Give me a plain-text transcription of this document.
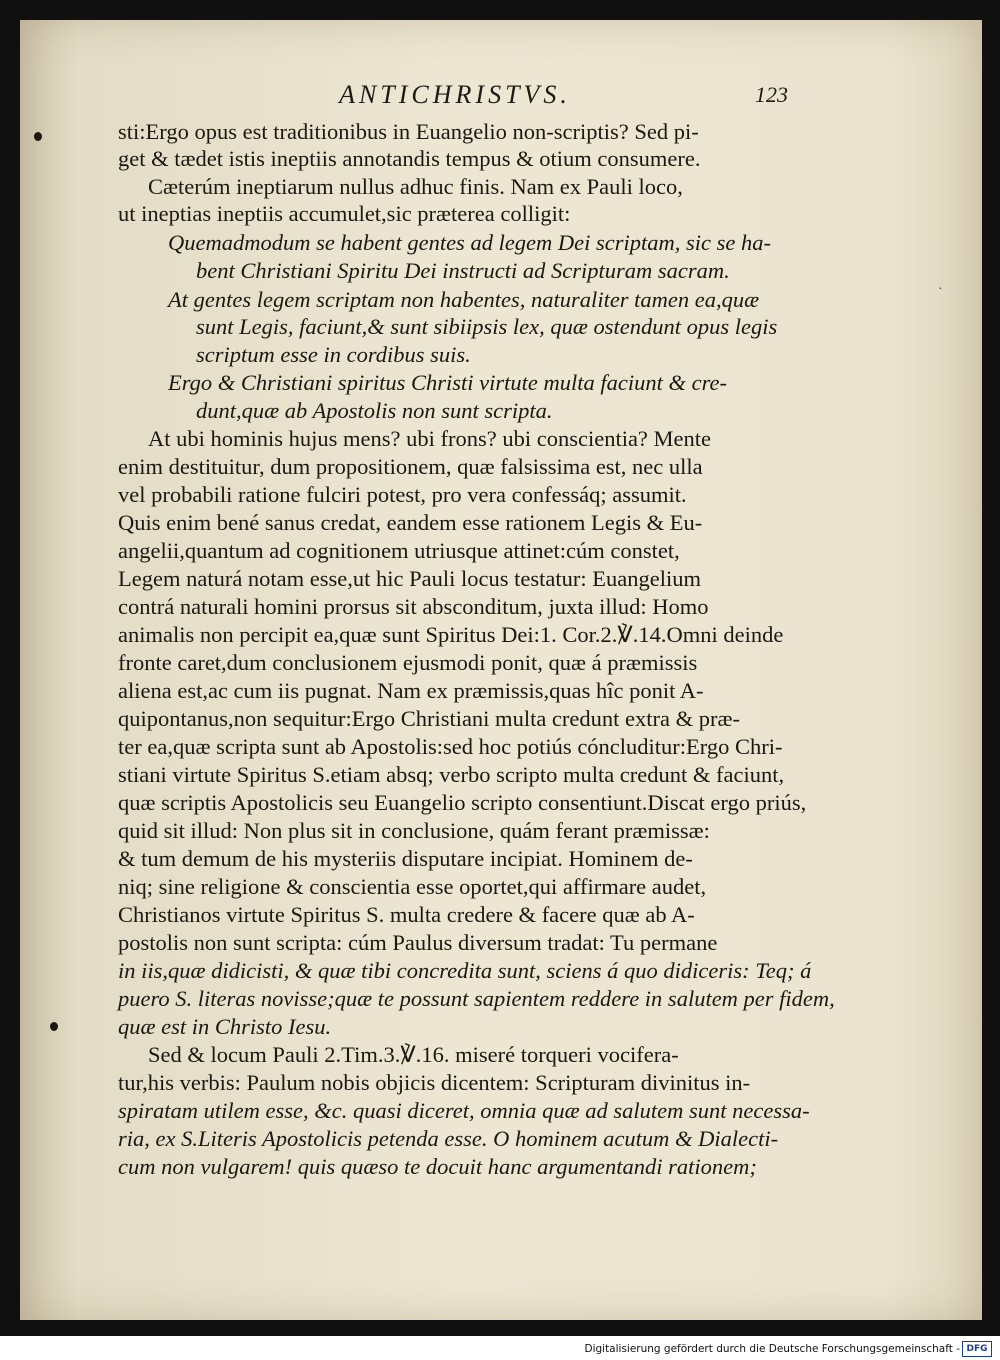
ANTICHRISTVS.	123
·

sti:Ergo opus est traditionibus in Euangelio non-scriptis? Sed pi-

get & tædet istis ineptiis annotandis tempus & otium consumere.

Cæterúm ineptiarum nullus adhuc finis. Nam ex Pauli loco,

ut ineptias ineptiis accumulet,sic præterea colligit:

Quemadmodum se habent gentes ad legem Dei scriptam, sic se ha-

bent Christiani Spiritu Dei instructi ad Scripturam sacram.

At gentes legem scriptam non habentes, naturaliter tamen ea,quæ

sunt Legis, faciunt,& sunt sibiipsis lex, quæ ostendunt opus legis

scriptum esse in cordibus suis.

Ergo & Christiani spiritus Christi virtute multa faciunt & cre-

dunt,quæ ab Apostolis non sunt scripta.

At ubi hominis hujus mens? ubi frons? ubi conscientia? Mente

enim destituitur, dum propositionem, quæ falsissima est, nec ulla

vel probabili ratione fulciri potest, pro vera confessáq; assumit.

Quis enim bené sanus credat, eandem esse rationem Legis & Eu-

angelii,quantum ad cognitionem utriusque attinet:cúm constet,

Legem naturá notam esse,ut hic Pauli locus testatur: Euangelium

contrá naturali homini prorsus sit absconditum, juxta illud: Homo

animalis non percipit ea,quæ sunt Spiritus Dei:1. Cor.2.℣.14.Omni deinde

fronte caret,dum conclusionem ejusmodi ponit, quæ á præmissis

aliena est,ac cum iis pugnat. Nam ex præmissis,quas hîc ponit A-

quipontanus,non sequitur:Ergo Christiani multa credunt extra & præ-

ter ea,quæ scripta sunt ab Apostolis:sed hoc potiús cóncluditur:Ergo Chri-

stiani virtute Spiritus S.etiam absq; verbo scripto multa credunt & faciunt,

quæ scriptis Apostolicis seu Euangelio scripto consentiunt.Discat ergo priús,

quid sit illud: Non plus sit in conclusione, quám ferant præmissæ:

& tum demum de his mysteriis disputare incipiat. Hominem de-

niq; sine religione & conscientia esse oportet,qui affirmare audet,

Christianos virtute Spiritus S. multa credere & facere quæ ab A-

postolis non sunt scripta: cúm Paulus diversum tradat: Tu permane

in iis,quæ didicisti, & quæ tibi concredita sunt, sciens á quo didiceris: Teq; á

puero S. literas novisse;quæ te possunt sapientem reddere in salutem per fidem,

quæ est in Christo Iesu.

Sed & locum Pauli 2.Tim.3.℣.16. miseré torqueri vocifera-

tur,his verbis: Paulum nobis objicis dicentem: Scripturam divinitus in-

spiratam utilem esse, &c. quasi diceret, omnia quæ ad salutem sunt necessa-

ria, ex S.Literis Apostolicis petenda esse. O hominem acutum & Dialecti-

cum non vulgarem! quis quæso te docuit hanc argumentandi rationem;

Digitalisierung gefördert durch die Deutsche Forschungsgemeinschaft - DFG
